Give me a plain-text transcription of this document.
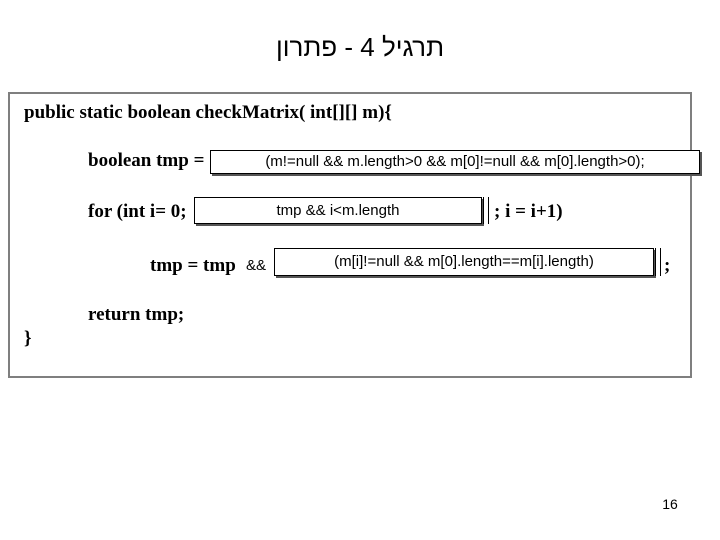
תרגיל 4 - פתרון
public static boolean checkMatrix( int[][] m){
boolean tmp =	(m!=null && m.length>0 && m[0]!=null && m[0].length>0);
for (int i= 0;	tmp && i<m.length	; i = i+1)
tmp = tmp &&	(m[i]!=null && m[0].length==m[i].length)	;
return tmp;
}
16
